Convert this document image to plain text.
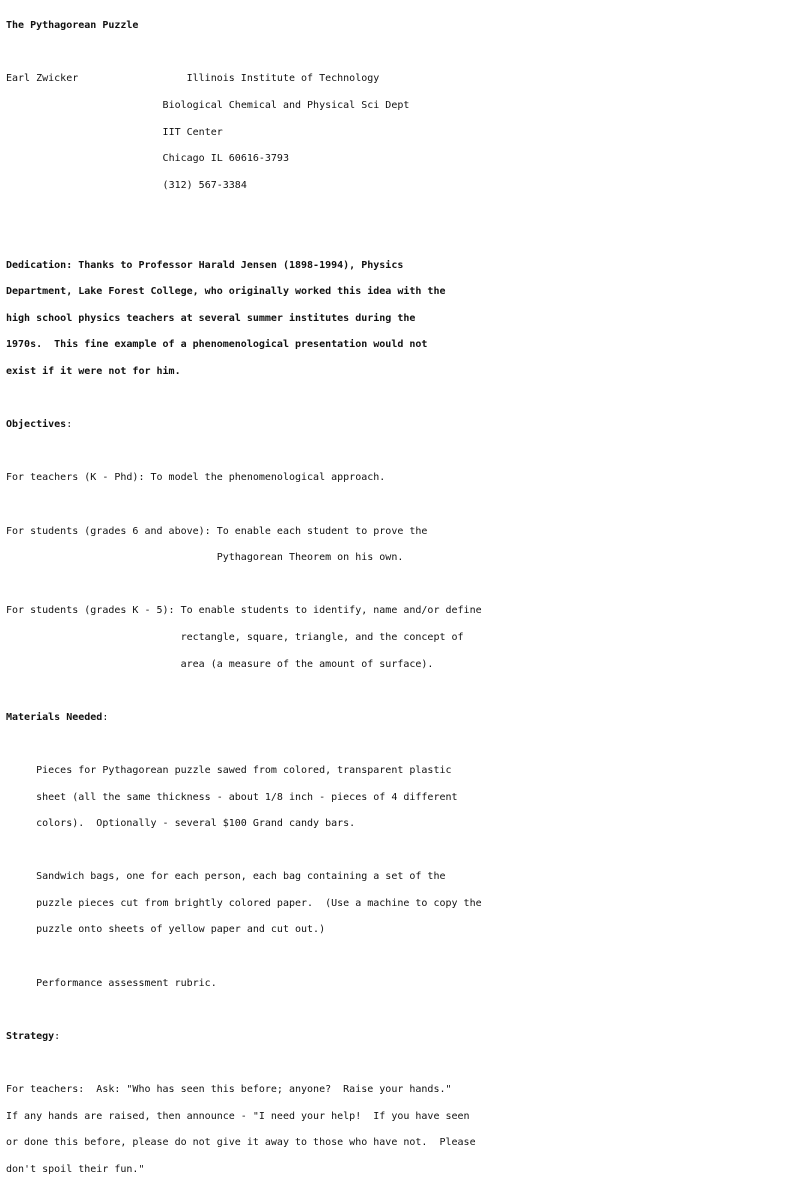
The Pythagorean Puzzle

Earl Zwicker	Illinois Institute of Technology

Biological Chemical and Physical Sci Dept

IIT Center

Chicago IL 60616-3793

(312) 567-3384

Dedication: Thanks to Professor Harald Jensen (1898-1994), Physics

Department, Lake Forest College, who originally worked this idea with the

high school physics teachers at several summer institutes during the

1970s.  This fine example of a phenomenological presentation would not

exist if it were not for him.

Objectives:

For teachers (K - Phd): To model the phenomenological approach.

For students (grades 6 and above): To enable each student to prove the

Pythagorean Theorem on his own.

For students (grades K - 5): To enable students to identify, name and/or define

rectangle, square, triangle, and the concept of

area (a measure of the amount of surface).

Materials Needed:

Pieces for Pythagorean puzzle sawed from colored, transparent plastic

sheet (all the same thickness - about 1/8 inch - pieces of 4 different

colors).  Optionally - several $100 Grand candy bars.

Sandwich bags, one for each person, each bag containing a set of the

puzzle pieces cut from brightly colored paper.  (Use a machine to copy the

puzzle onto sheets of yellow paper and cut out.)

Performance assessment rubric.

Strategy:

For teachers:  Ask: "Who has seen this before; anyone?  Raise your hands."

If any hands are raised, then announce - "I need your help!  If you have seen

or done this before, please do not give it away to those who have not.  Please

don't spoil their fun."
